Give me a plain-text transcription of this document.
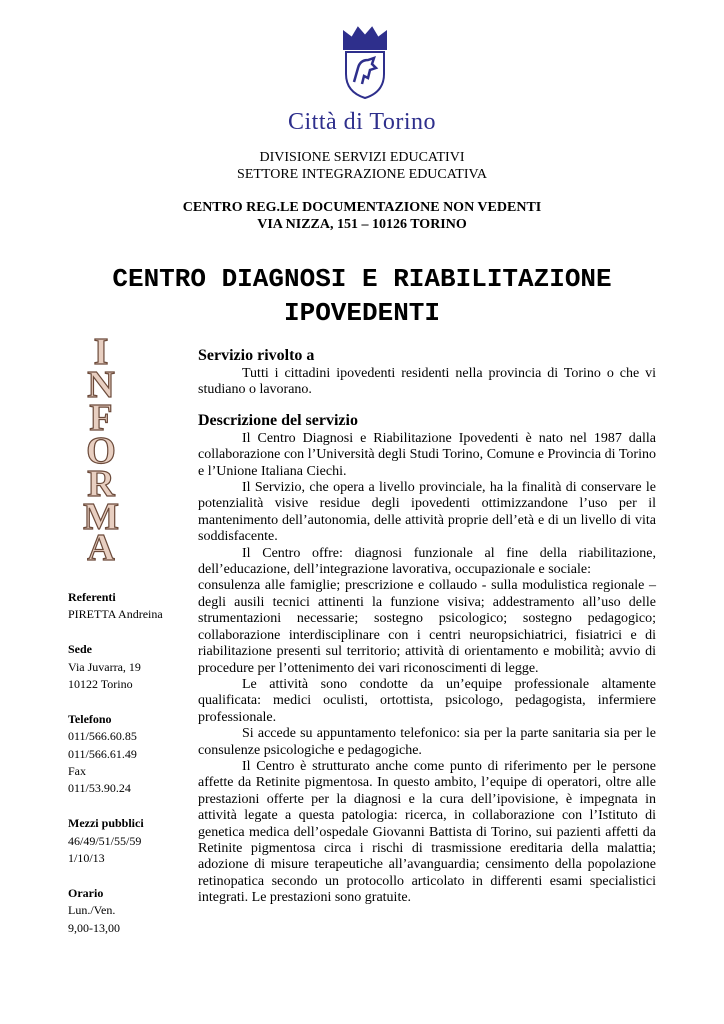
Città di Torino
DIVISIONE SERVIZI EDUCATIVI
SETTORE INTEGRAZIONE EDUCATIVA
CENTRO REG.LE DOCUMENTAZIONE NON VEDENTI
VIA NIZZA, 151 – 10126 TORINO
CENTRO DIAGNOSI E RIABILITAZIONE
IPOVEDENTI
I
N
F
O
R
M
A
Referenti
PIRETTA Andreina
Sede
Via Juvarra, 19
10122 Torino
Telefono
011/566.60.85
011/566.61.49
Fax
011/53.90.24
Mezzi pubblici
46/49/51/55/59
1/10/13
Orario
Lun./Ven.
9,00-13,00
Servizio rivolto a

Tutti i cittadini ipovedenti residenti nella provincia di Torino o che vi studiano o lavorano.

Descrizione del servizio

Il Centro Diagnosi e Riabilitazione Ipovedenti è nato nel 1987 dalla collaborazione con l’Università degli Studi Torino, Comune e Provincia di Torino e l’Unione Italiana Ciechi.

Il Servizio, che opera a livello provinciale, ha la finalità di conservare le potenzialità visive residue degli ipovedenti ottimizzandone l’uso per il mantenimento dell’autonomia, delle attività proprie dell’età e di un livello di vita soddisfacente.

Il Centro offre: diagnosi funzionale al fine della riabilitazione, dell’educazione, dell’integrazione lavorativa, occupazionale e sociale:

consulenza alle famiglie; prescrizione e collaudo - sulla modulistica regionale – degli ausili tecnici attinenti la funzione visiva; addestramento all’uso delle strumentazioni necessarie; sostegno psicologico; sostegno pedagogico; collaborazione interdisciplinare con i centri neuropsichiatrici, fisiatrici e di riabilitazione presenti sul territorio; attività di orientamento e mobilità; avvio di procedure per l’ottenimento dei vari riconoscimenti di legge.

Le attività sono condotte da un’equipe professionale altamente qualificata: medici oculisti, ortottista, psicologo, pedagogista, infermiere professionale.

Si accede su appuntamento telefonico: sia per la parte sanitaria sia per le consulenze psicologiche e pedagogiche.

Il Centro è strutturato anche come punto di riferimento per le persone affette da Retinite pigmentosa. In questo ambito, l’equipe di operatori, oltre alle prestazioni offerte per la diagnosi e la cura dell’ipovisione, è impegnata in attività legate a questa patologia: ricerca, in collaborazione con l’Istituto di genetica medica dell’ospedale Giovanni Battista di Torino, sui pazienti affetti da Retinite pigmentosa circa i rischi di trasmissione ereditaria della malattia; adozione di misure terapeutiche all’avanguardia; censimento della popolazione retinopatica secondo un protocollo articolato in differenti esami specialistici integrati. Le prestazioni sono gratuite.
